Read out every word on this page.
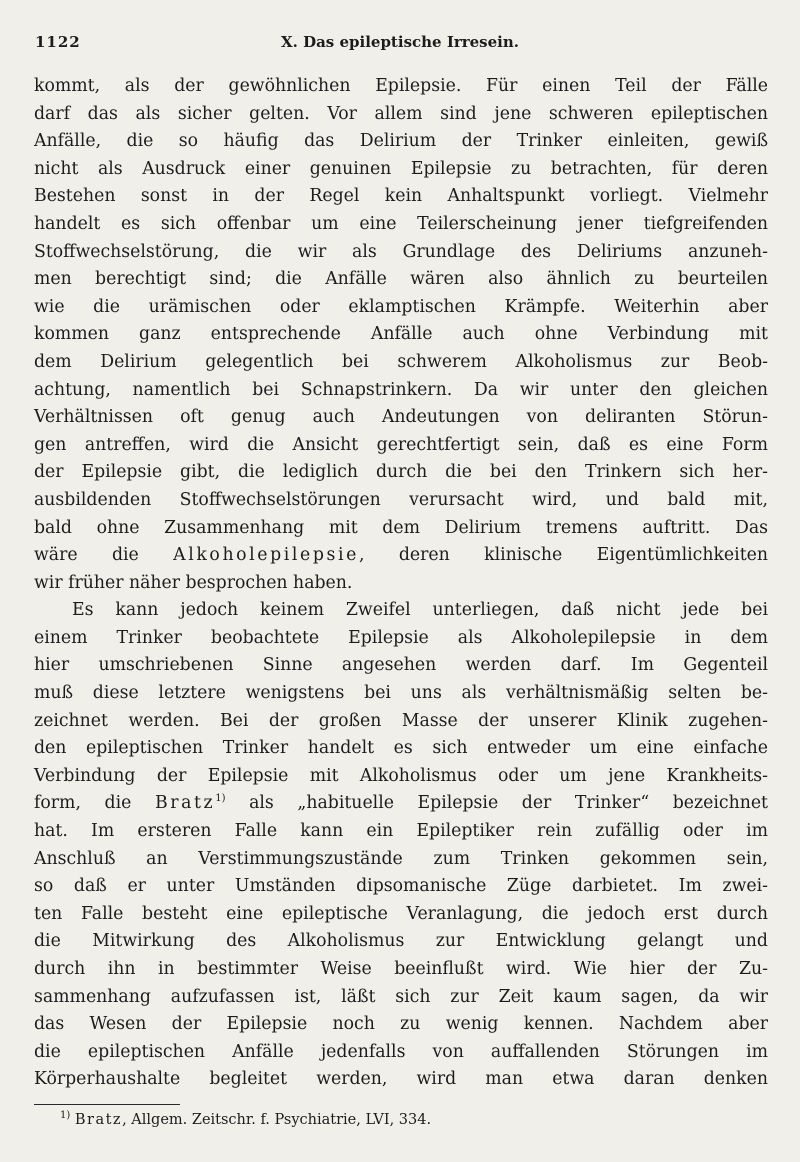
1122	X. Das epileptische Irresein.
kommt, als der gewöhnlichen Epilepsie. Für einen Teil der Fälle
darf das als sicher gelten. Vor allem sind jene schweren epileptischen
Anfälle, die so häufig das Delirium der Trinker einleiten, gewiß
nicht als Ausdruck einer genuinen Epilepsie zu betrachten, für deren
Bestehen sonst in der Regel kein Anhaltspunkt vorliegt. Vielmehr
handelt es sich offenbar um eine Teilerscheinung jener tiefgreifenden
Stoffwechselstörung, die wir als Grundlage des Deliriums anzuneh-
men berechtigt sind; die Anfälle wären also ähnlich zu beurteilen
wie die urämischen oder eklamptischen Krämpfe. Weiterhin aber
kommen ganz entsprechende Anfälle auch ohne Verbindung mit
dem Delirium gelegentlich bei schwerem Alkoholismus zur Beob-
achtung, namentlich bei Schnapstrinkern. Da wir unter den gleichen
Verhältnissen oft genug auch Andeutungen von deliranten Störun-
gen antreffen, wird die Ansicht gerechtfertigt sein, daß es eine Form
der Epilepsie gibt, die lediglich durch die bei den Trinkern sich her-
ausbildenden Stoffwechselstörungen verursacht wird, und bald mit,
bald ohne Zusammenhang mit dem Delirium tremens auftritt. Das
wäre die Alkoholepilepsie, deren klinische Eigentümlichkeiten
wir früher näher besprochen haben.
Es kann jedoch keinem Zweifel unterliegen, daß nicht jede bei
einem Trinker beobachtete Epilepsie als Alkoholepilepsie in dem
hier umschriebenen Sinne angesehen werden darf. Im Gegenteil
muß diese letztere wenigstens bei uns als verhältnismäßig selten be-
zeichnet werden. Bei der großen Masse der unserer Klinik zugehen-
den epileptischen Trinker handelt es sich entweder um eine einfache
Verbindung der Epilepsie mit Alkoholismus oder um jene Krankheits-
form, die Bratz$^{1)}$ als „habituelle Epilepsie der Trinker“ bezeichnet
hat. Im ersteren Falle kann ein Epileptiker rein zufällig oder im
Anschluß an Verstimmungszustände zum Trinken gekommen sein,
so daß er unter Umständen dipsomanische Züge darbietet. Im zwei-
ten Falle besteht eine epileptische Veranlagung, die jedoch erst durch
die Mitwirkung des Alkoholismus zur Entwicklung gelangt und
durch ihn in bestimmter Weise beeinflußt wird. Wie hier der Zu-
sammenhang aufzufassen ist, läßt sich zur Zeit kaum sagen, da wir
das Wesen der Epilepsie noch zu wenig kennen. Nachdem aber
die epileptischen Anfälle jedenfalls von auffallenden Störungen im
Körperhaushalte begleitet werden, wird man etwa daran denken
$^{1)}$ Bratz, Allgem. Zeitschr. f. Psychiatrie, LVI, 334.
